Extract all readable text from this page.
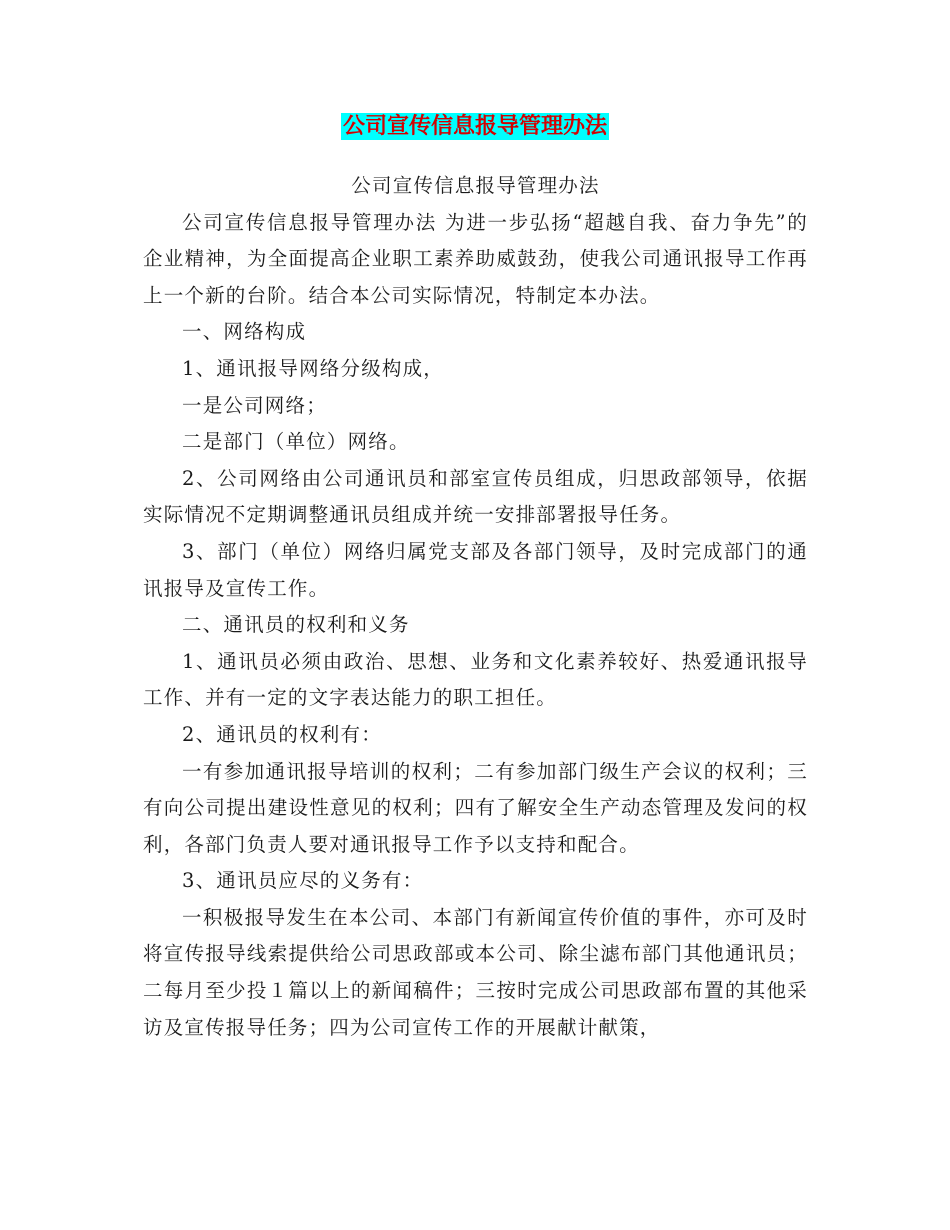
公司宣传信息报导管理办法

公司宣传信息报导管理办法

公司宣传信息报导管理办法 为进一步弘扬“超越自我、奋力争先”的企业精神，为全面提高企业职工素养助威鼓劲，使我公司通讯报导工作再上一个新的台阶。结合本公司实际情况，特制定本办法。

一、网络构成

1、通讯报导网络分级构成，

一是公司网络；

二是部门（单位）网络。

2、公司网络由公司通讯员和部室宣传员组成，归思政部领导，依据实际情况不定期调整通讯员组成并统一安排部署报导任务。

3、部门（单位）网络归属党支部及各部门领导，及时完成部门的通讯报导及宣传工作。

二、通讯员的权利和义务

1、通讯员必须由政治、思想、业务和文化素养较好、热爱通讯报导工作、并有一定的文字表达能力的职工担任。

2、通讯员的权利有：

一有参加通讯报导培训的权利；二有参加部门级生产会议的权利；三有向公司提出建设性意见的权利；四有了解安全生产动态管理及发问的权利，各部门负责人要对通讯报导工作予以支持和配合。

3、通讯员应尽的义务有：

一积极报导发生在本公司、本部门有新闻宣传价值的事件，亦可及时将宣传报导线索提供给公司思政部或本公司、除尘滤布部门其他通讯员；二每月至少投１篇以上的新闻稿件；三按时完成公司思政部布置的其他采访及宣传报导任务；四为公司宣传工作的开展献计献策，
